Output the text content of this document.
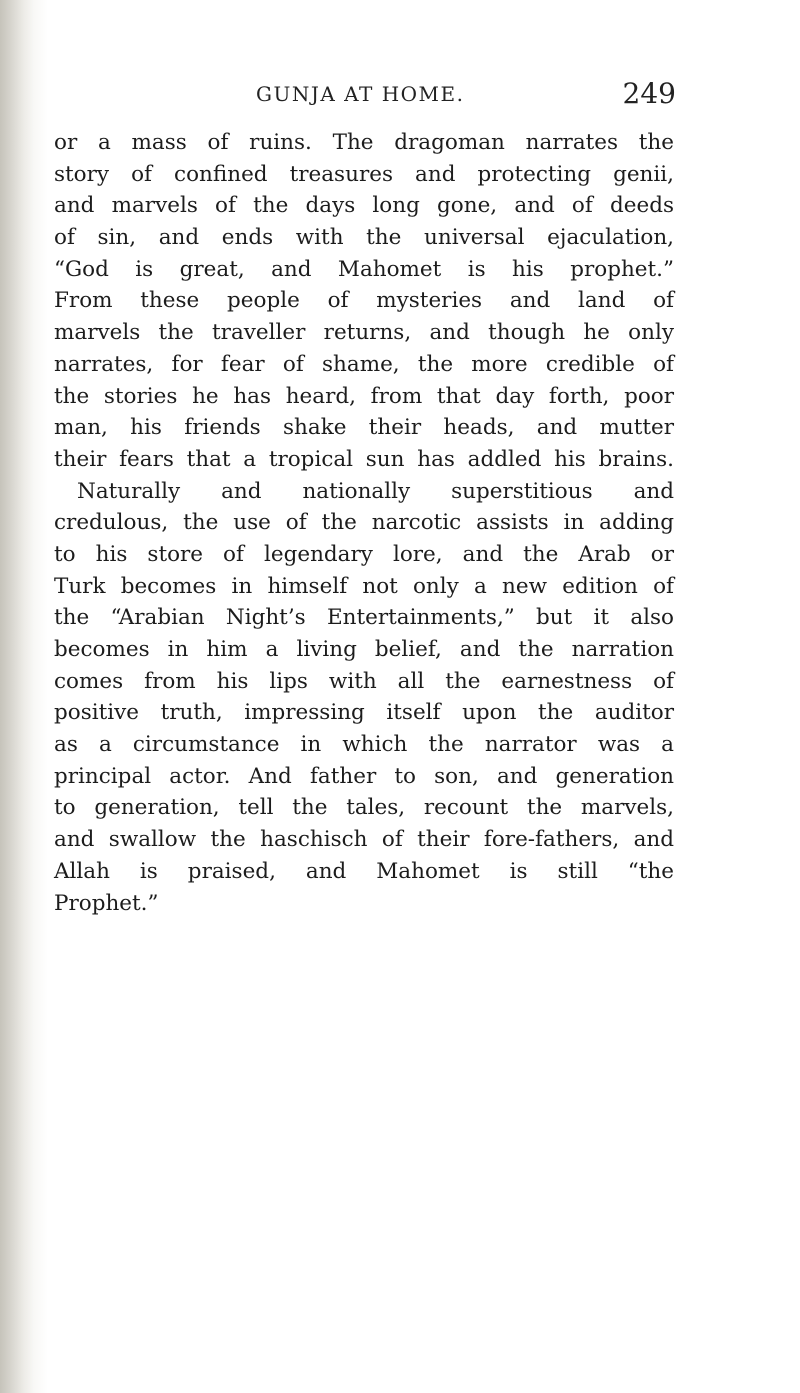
GUNJA AT HOME.	249
or a mass of ruins. The dragoman narrates the
story of confined treasures and protecting genii,
and marvels of the days long gone, and of deeds
of sin, and ends with the universal ejaculation,
“God is great, and Mahomet is his prophet.”
From these people of mysteries and land of
marvels the traveller returns, and though he only
narrates, for fear of shame, the more credible of
the stories he has heard, from that day forth, poor
man, his friends shake their heads, and mutter
their fears that a tropical sun has addled his brains.
Naturally and nationally superstitious and
credulous, the use of the narcotic assists in adding
to his store of legendary lore, and the Arab or
Turk becomes in himself not only a new edition of
the “Arabian Night’s Entertainments,” but it also
becomes in him a living belief, and the narration
comes from his lips with all the earnestness of
positive truth, impressing itself upon the auditor
as a circumstance in which the narrator was a
principal actor. And father to son, and generation
to generation, tell the tales, recount the marvels,
and swallow the haschisch of their fore-fathers, and
Allah is praised, and Mahomet is still “the
Prophet.”
